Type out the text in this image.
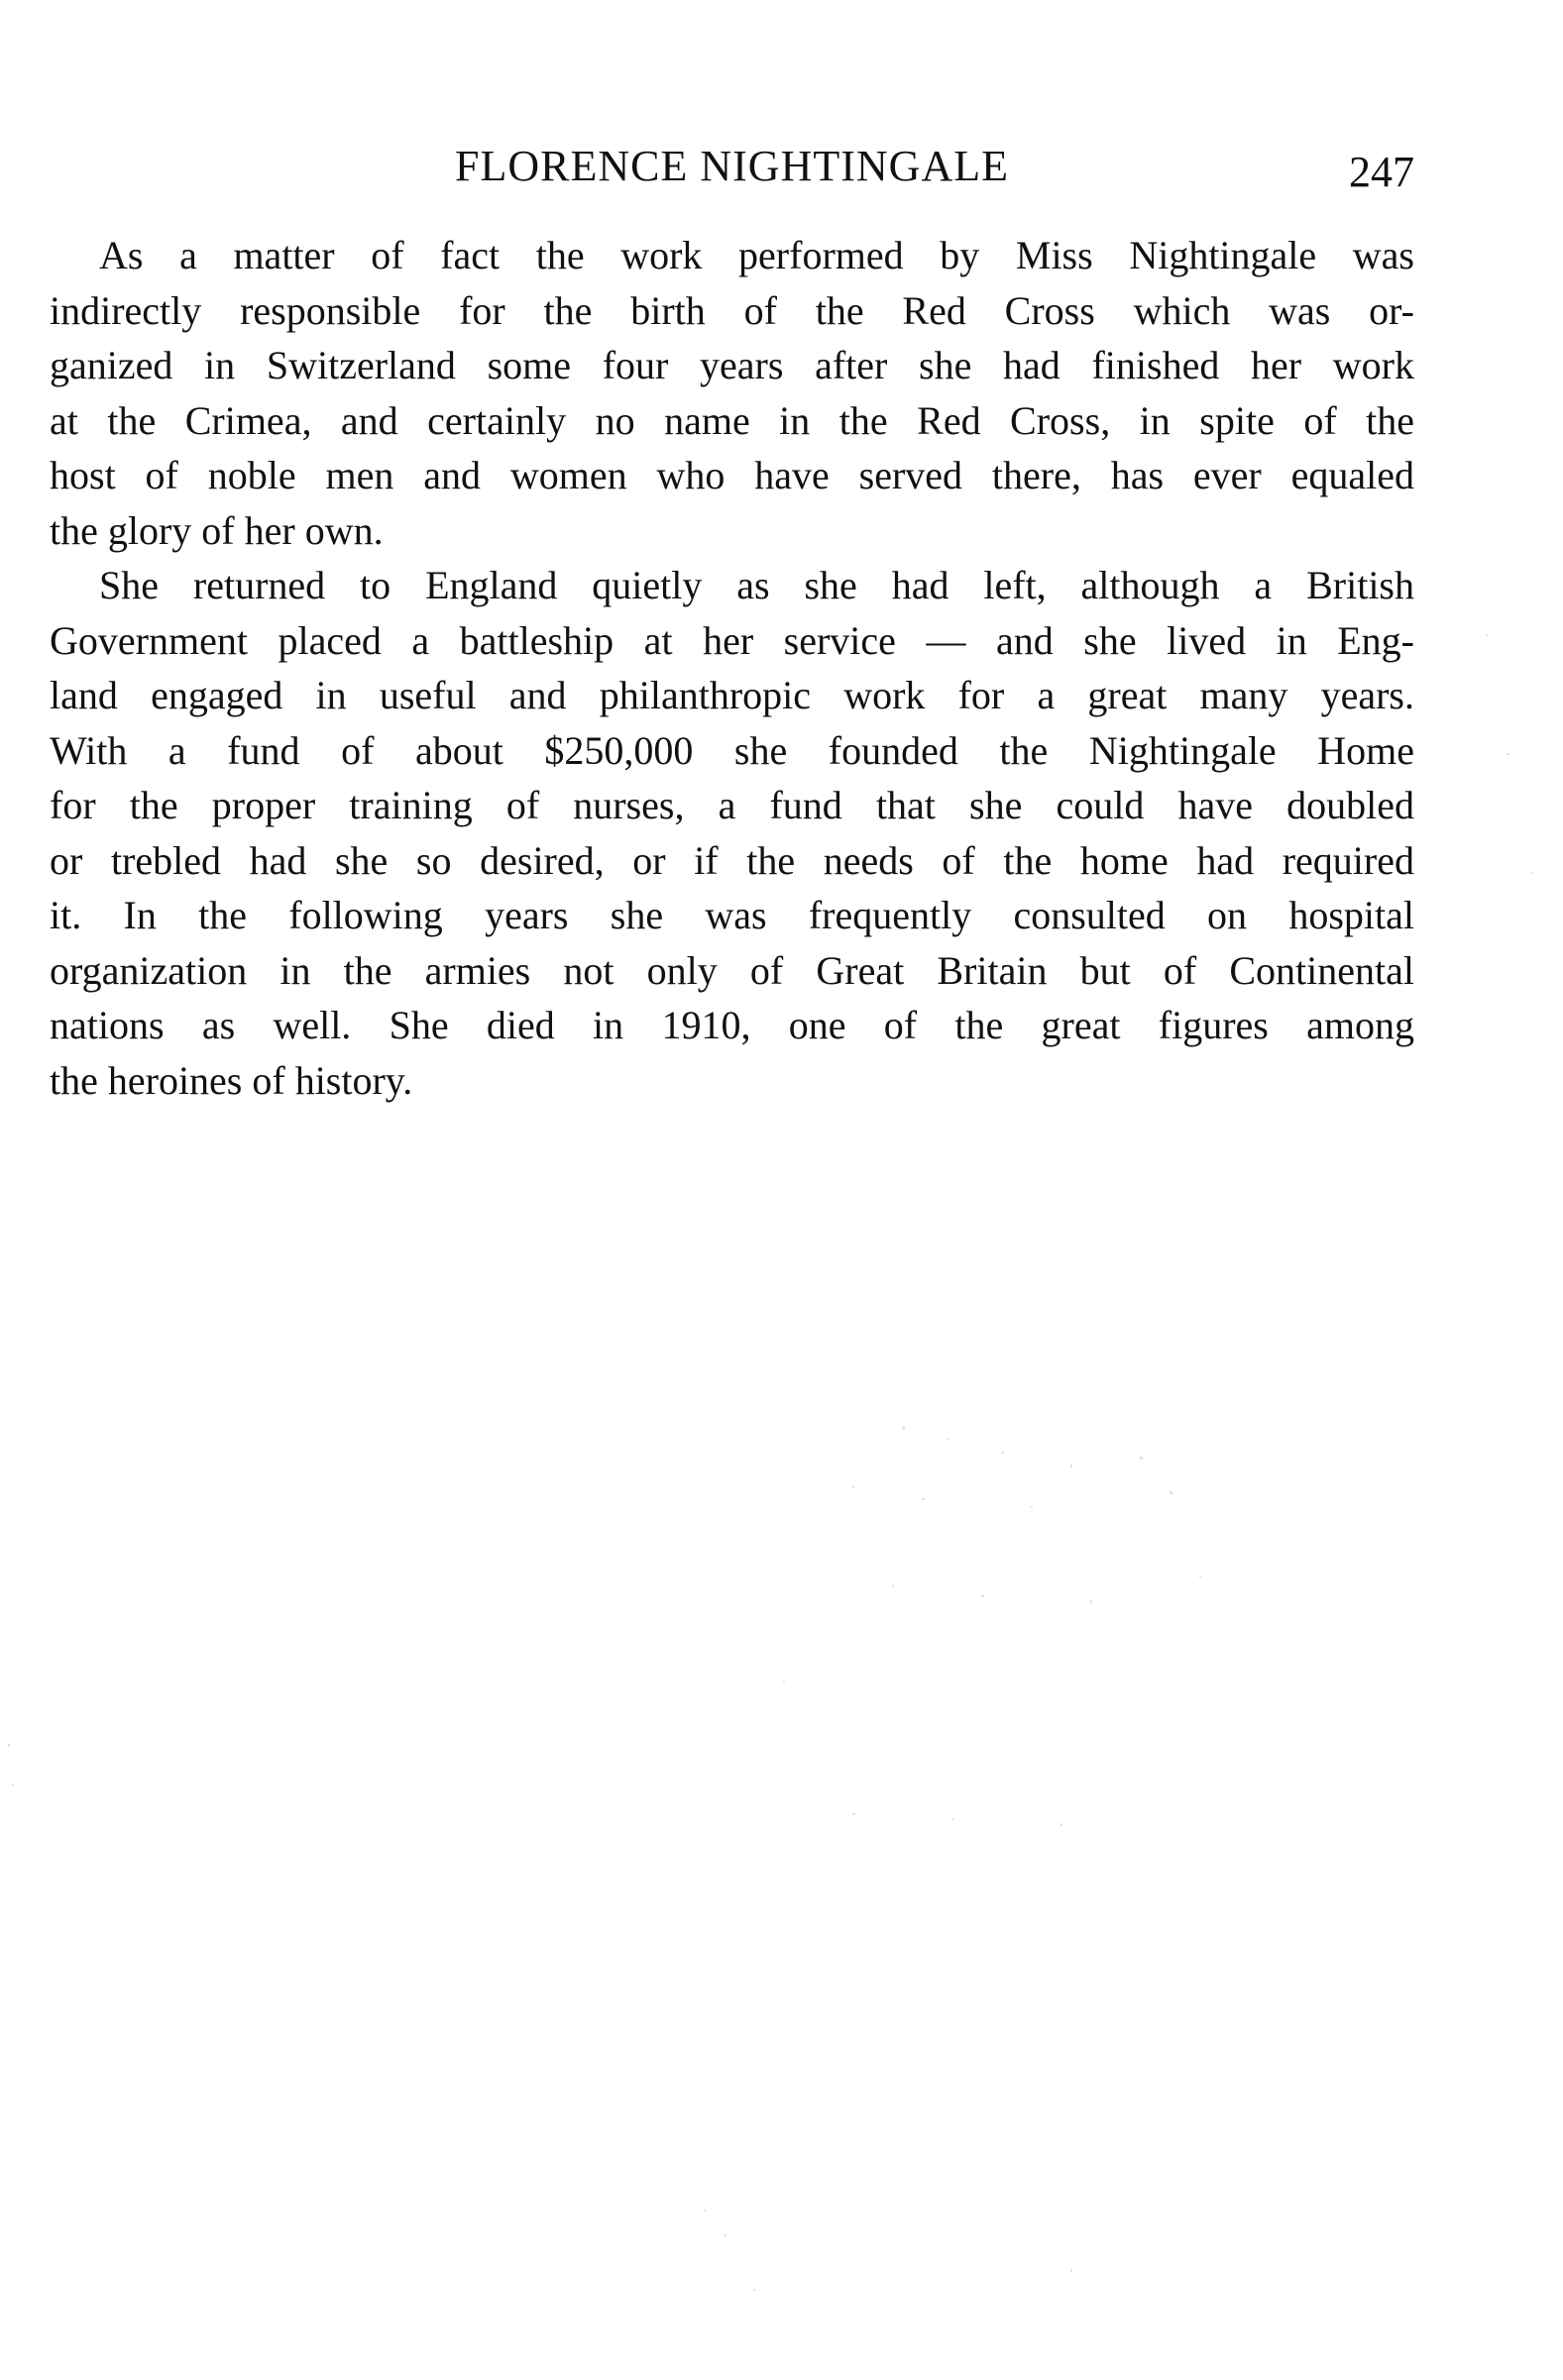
FLORENCE NIGHTINGALE	247
As a matter of fact the work performed by Miss Nightingale was
indirectly responsible for the birth of the Red Cross which was or-
ganized in Switzerland some four years after she had finished her work
at the Crimea, and certainly no name in the Red Cross, in spite of the
host of noble men and women who have served there, has ever equaled
the glory of her own.
She returned to England quietly as she had left, although a British
Government placed a battleship at her service — and she lived in Eng-
land engaged in useful and philanthropic work for a great many years.
With a fund of about $250,000 she founded the Nightingale Home
for the proper training of nurses, a fund that she could have doubled
or trebled had she so desired, or if the needs of the home had required
it. In the following years she was frequently consulted on hospital
organization in the armies not only of Great Britain but of Continental
nations as well. She died in 1910, one of the great figures among
the heroines of history.
